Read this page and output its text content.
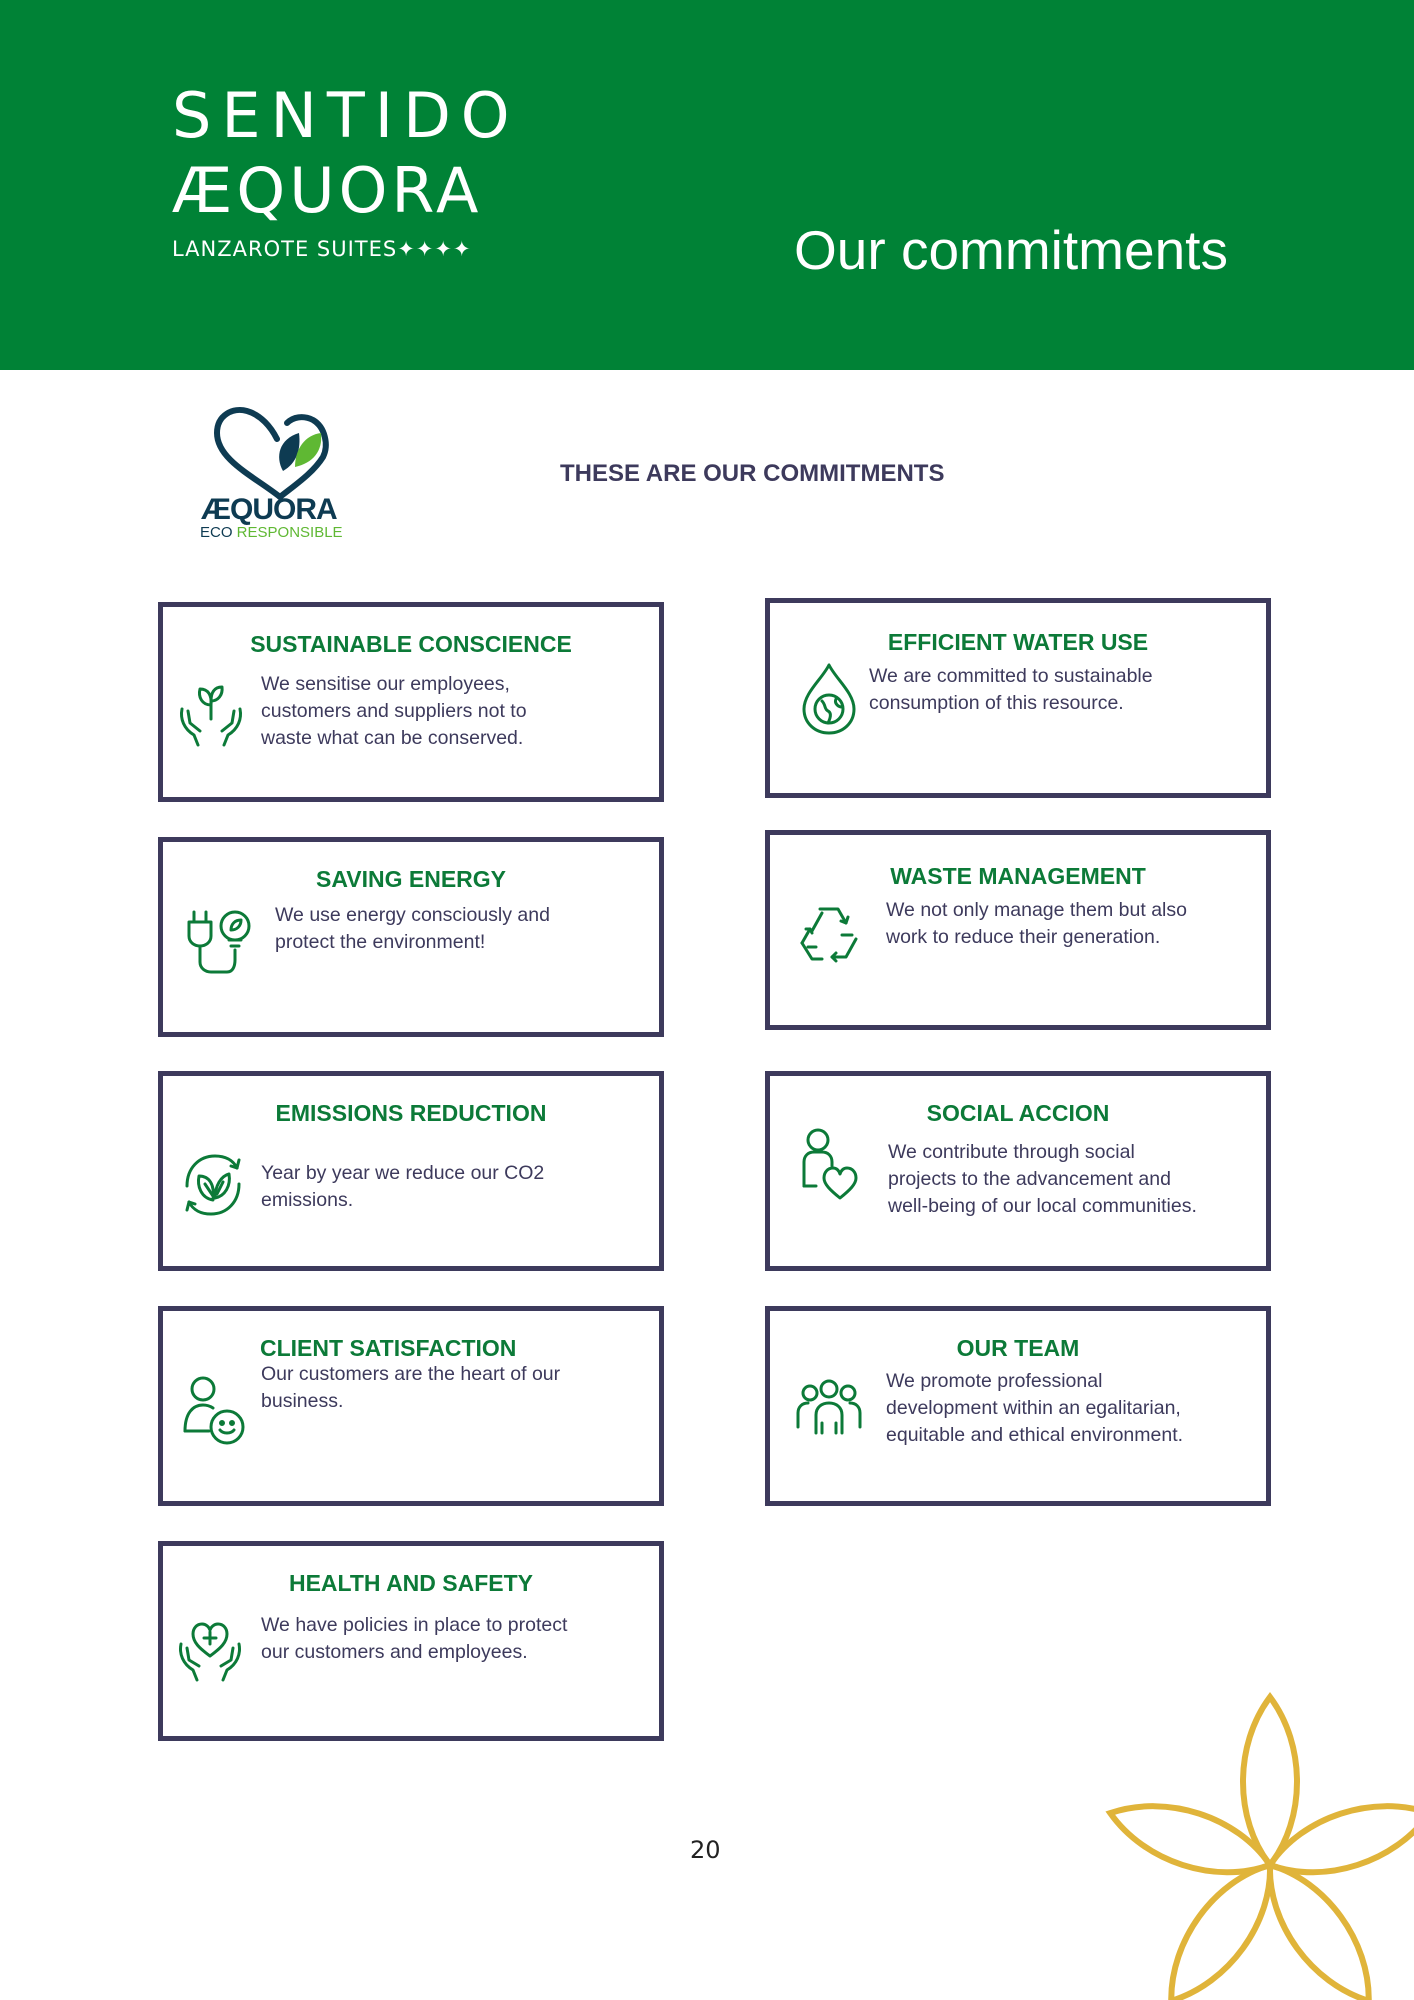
SENTIDO
ÆQUORA
LANZAROTE SUITES✦✦✦✦	Our commitments
ÆQUORA
ECO RESPONSIBLE
THESE ARE OUR COMMITMENTS
SUSTAINABLE CONSCIENCE
We sensitise our employees,
customers and suppliers not to
waste what can be conserved.
EFFICIENT WATER USE
We are committed to sustainable
consumption of this resource.
SAVING ENERGY
We use energy consciously and
protect the environment!
WASTE MANAGEMENT
We not only manage them but also
work to reduce their generation.
EMISSIONS REDUCTION
Year by year we reduce our CO2
emissions.
SOCIAL ACCION
We contribute through social
projects to the advancement and
well-being of our local communities.
CLIENT SATISFACTION
Our customers are the heart of our
business.
OUR TEAM
We promote professional
development within an egalitarian,
equitable and ethical environment.
HEALTH AND SAFETY
We have policies in place to protect
our customers and employees.
20
